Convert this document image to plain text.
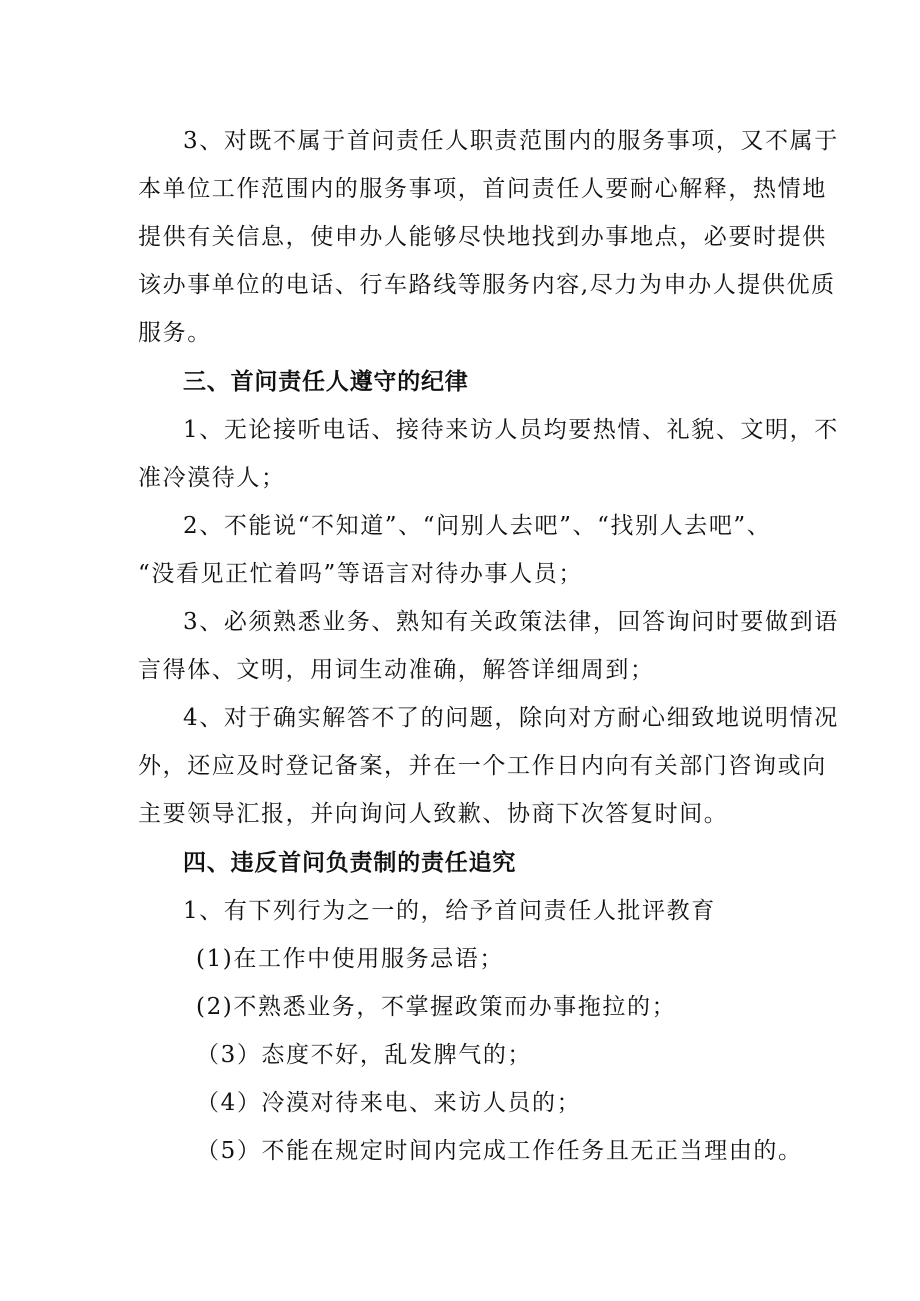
3、对既不属于首问责任人职责范围内的服务事项，又不属于
本单位工作范围内的服务事项，首问责任人要耐心解释，热情地
提供有关信息，使申办人能够尽快地找到办事地点，必要时提供
该办事单位的电话、行车路线等服务内容,尽力为申办人提供优质
服务。
三、首问责任人遵守的纪律
1、无论接听电话、接待来访人员均要热情、礼貌、文明，不
准冷漠待人；
2、不能说“不知道”、“问别人去吧”、“找别人去吧”、
“没看见正忙着吗”等语言对待办事人员；
3、必须熟悉业务、熟知有关政策法律，回答询问时要做到语
言得体、文明，用词生动准确，解答详细周到；
4、对于确实解答不了的问题，除向对方耐心细致地说明情况
外，还应及时登记备案，并在一个工作日内向有关部门咨询或向
主要领导汇报，并向询问人致歉、协商下次答复时间。
四、违反首问负责制的责任追究
1、有下列行为之一的，给予首问责任人批评教育
(1)在工作中使用服务忌语；
(2)不熟悉业务，不掌握政策而办事拖拉的；
（3）态度不好，乱发脾气的；
（4）冷漠对待来电、来访人员的；
（5）不能在规定时间内完成工作任务且无正当理由的。
